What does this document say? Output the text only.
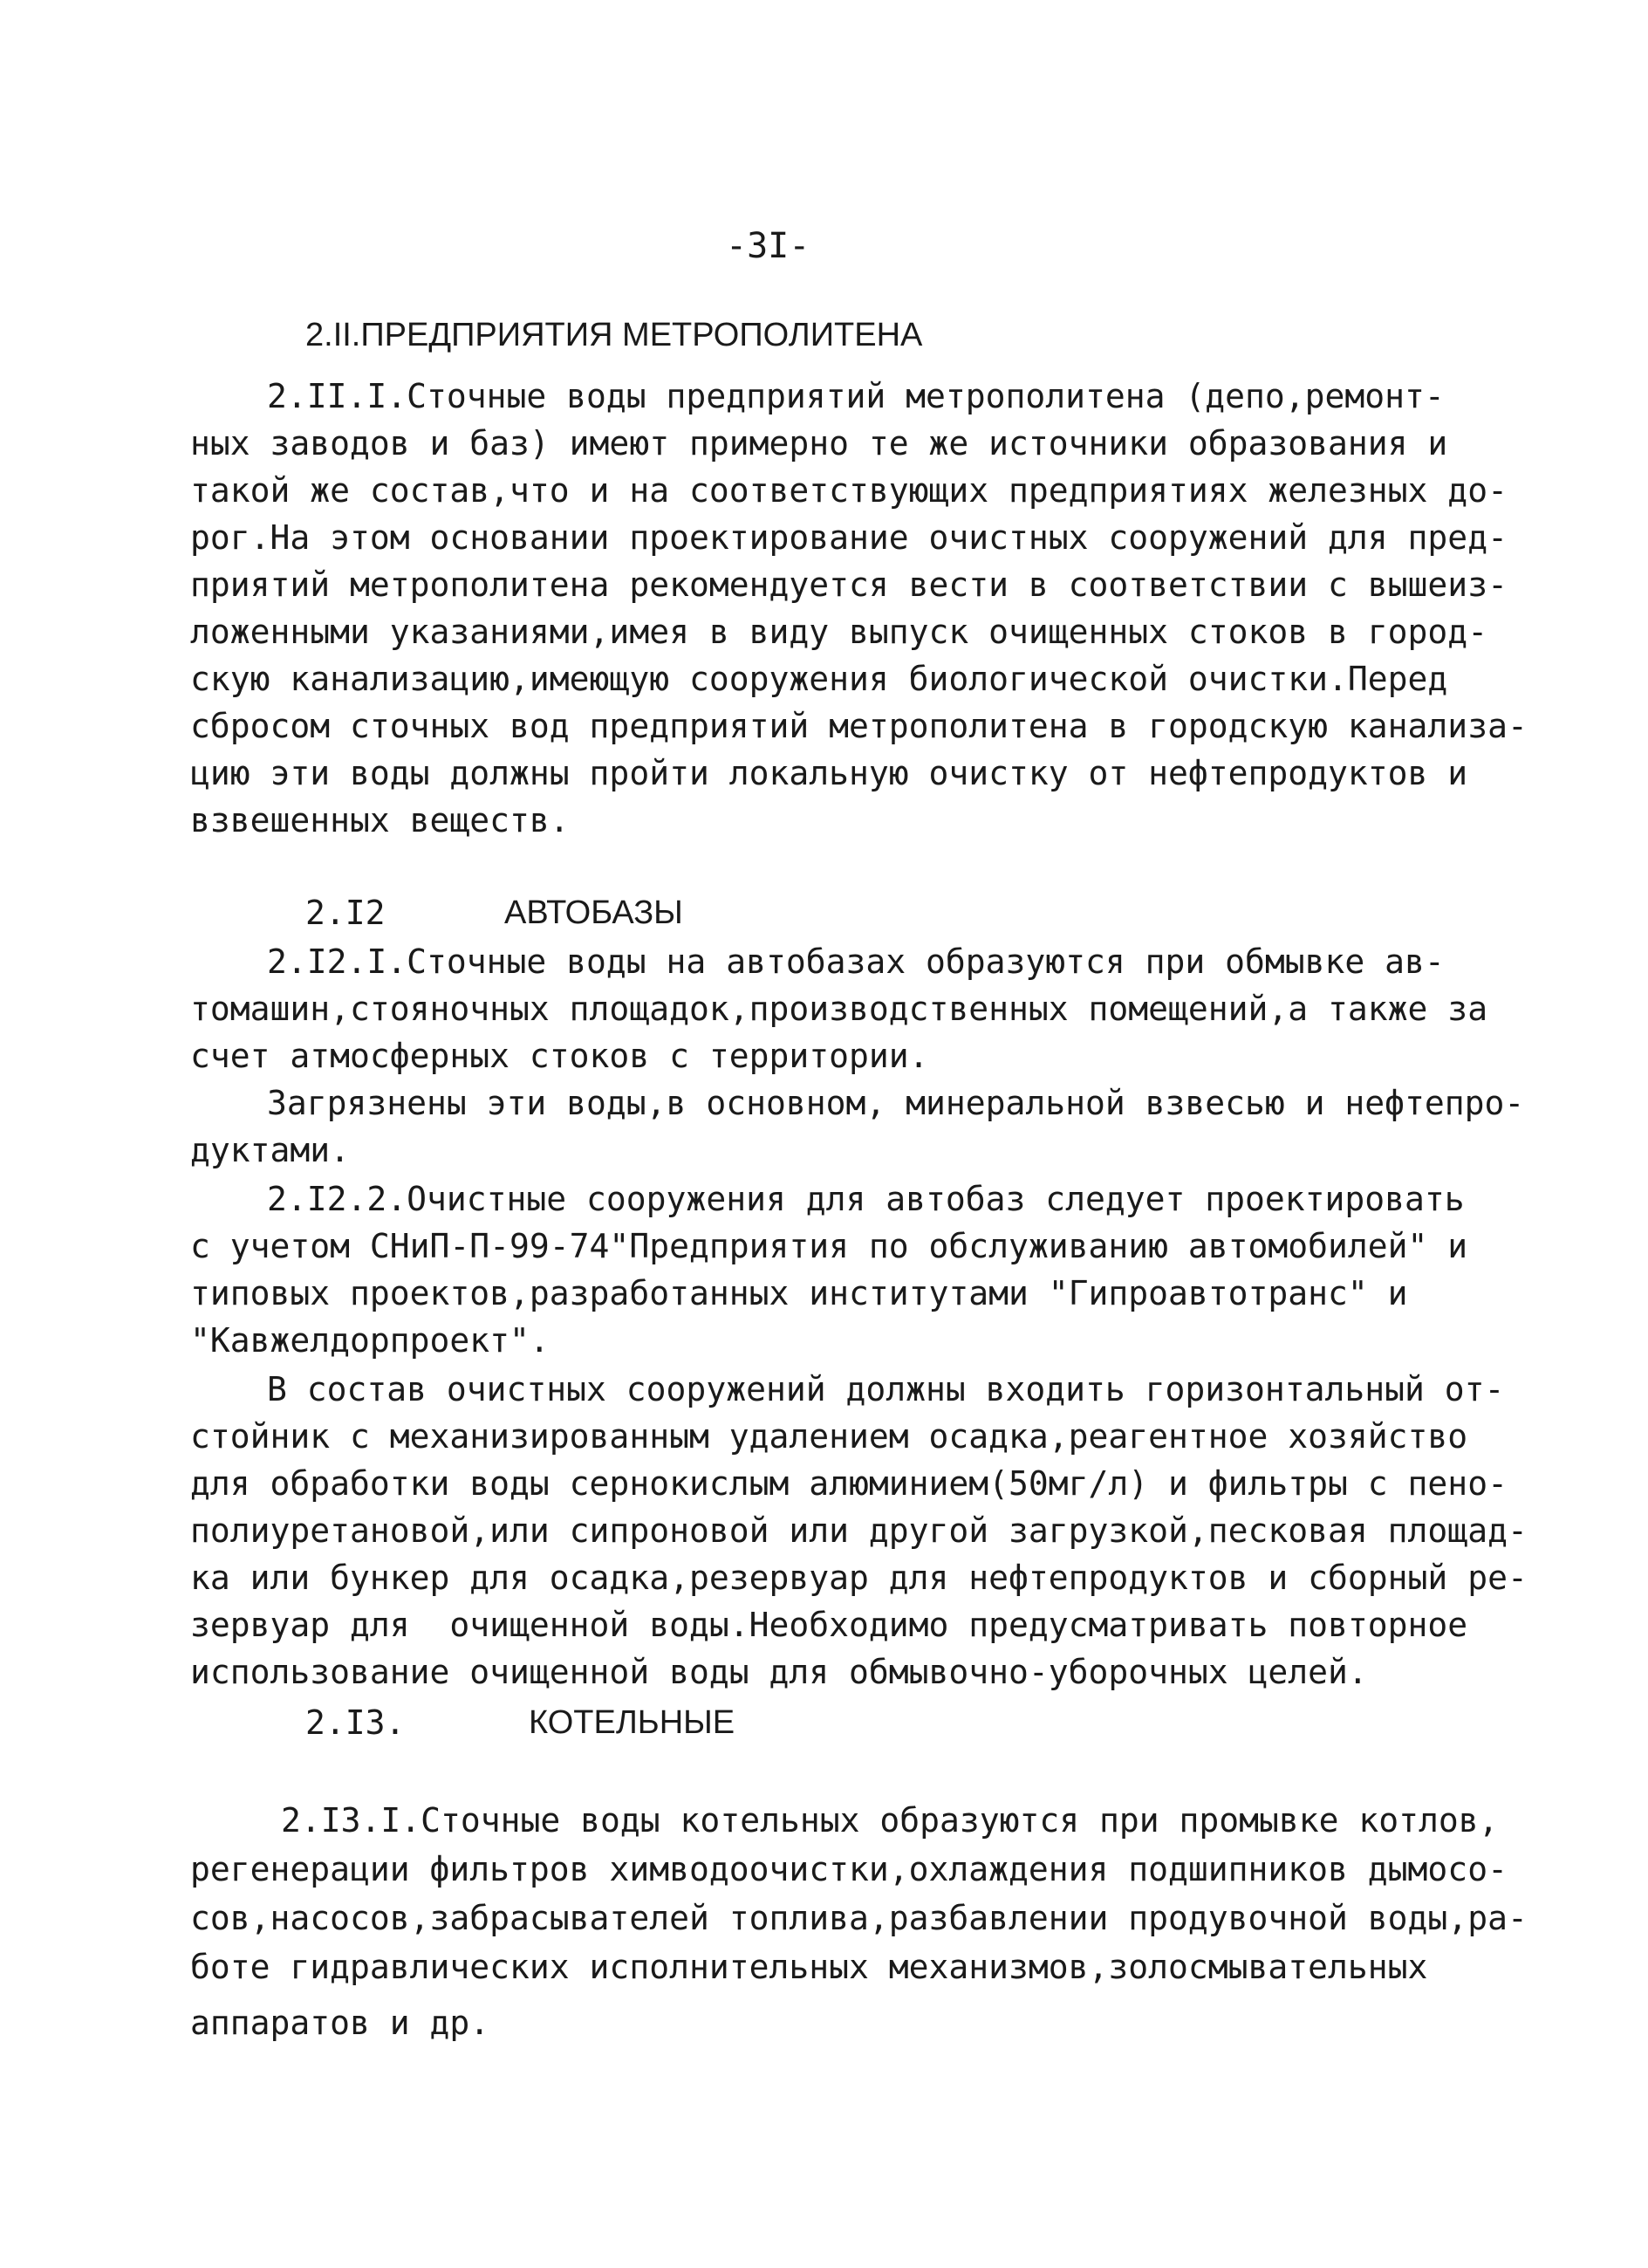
-3I-
2.II.ПРЕДПРИЯТИЯ МЕТРОПОЛИТЕНА
2.II.I.Сточные воды предприятий метрополитена (депо,ремонт-
ных заводов и баз) имеют примерно те же источники образования и
такой же состав,что и на соответствующих предприятиях железных до-
рог.На этом основании проектирование очистных сооружений для пред-
приятий метрополитена рекомендуется вести в соответствии с вышеиз-
ложенными указаниями,имея в виду выпуск очищенных стоков в город-
скую канализацию,имеющую сооружения биологической очистки.Перед
сбросом сточных вод предприятий метрополитена в городскую канализа-
цию эти воды должны пройти локальную очистку от нефтепродуктов и
взвешенных веществ.
2.I2	АВТОБАЗЫ
2.I2.I.Сточные воды на автобазах образуются при обмывке ав-
томашин,стояночных площадок,производственных помещений,а также за
счет атмосферных стоков с территории.
Загрязнены эти воды,в основном, минеральной взвесью и нефтепро-
дуктами.
2.I2.2.Очистные сооружения для автобаз следует проектировать
с учетом СНиП-П-99-74"Предприятия по обслуживанию автомобилей" и
типовых проектов,разработанных институтами "Гипроавтотранс" и
"Кавжелдорпроект".
В состав очистных сооружений должны входить горизонтальный от-
стойник с механизированным удалением осадка,реагентное хозяйство
для обработки воды сернокислым алюминием(50мг/л) и фильтры с пено-
полиуретановой,или сипроновой или другой загрузкой,песковая площад-
ка или бункер для осадка,резервуар для нефтепродуктов и сборный ре-
зервуар для  очищенной воды.Необходимо предусматривать повторное
использование очищенной воды для обмывочно-уборочных целей.
2.I3.	КОТЕЛЬНЫЕ
2.I3.I.Сточные воды котельных образуются при промывке котлов,
регенерации фильтров химводоочистки,охлаждения подшипников дымосо-
сов,насосов,забрасывателей топлива,разбавлении продувочной воды,ра-
боте гидравлических исполнительных механизмов,золосмывательных
аппаратов и др.
